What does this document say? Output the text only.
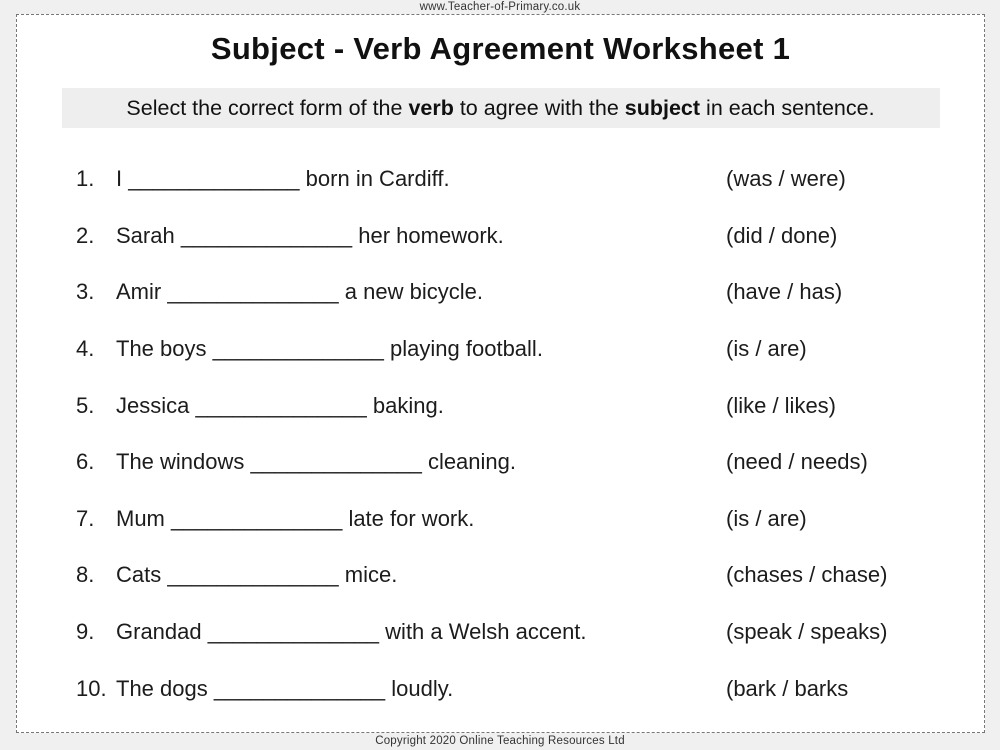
www.Teacher-of-Primary.co.uk
Subject - Verb Agreement Worksheet 1
Select the correct form of the verb to agree with the subject in each sentence.
1. I ______________ born in Cardiff.	(was / were)
2. Sarah ______________ her homework.	(did / done)
3. Amir ______________ a new bicycle.	(have / has)
4. The boys ______________ playing football.	(is / are)
5. Jessica ______________ baking.	(like / likes)
6. The windows ______________ cleaning.	(need / needs)
7. Mum ______________ late for work.	(is / are)
8. Cats ______________ mice.	(chases / chase)
9. Grandad ______________ with a Welsh accent.	(speak / speaks)
10. The dogs ______________ loudly.	(bark / barks
Copyright 2020 Online Teaching Resources Ltd
